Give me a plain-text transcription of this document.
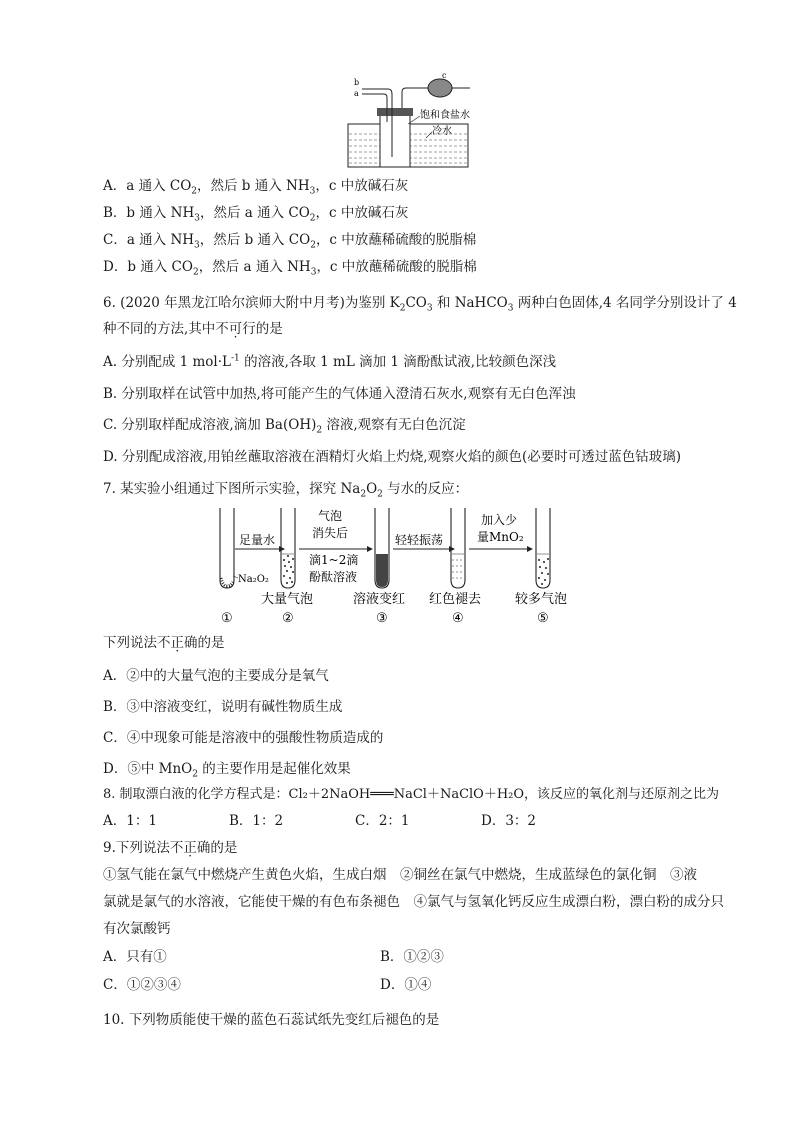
b
a
c
饱和食盐水
冷水
A．a 通入 $CO_2$，然后 b 通入 $NH_3$，c 中放碱石灰
B．b 通入 $NH_3$，然后 a 通入 $CO_2$，c 中放碱石灰
C．a 通入 $NH_3$，然后 b 通入 $CO_2$，c 中放蘸稀硫酸的脱脂棉
D．b 通入 $CO_2$，然后 a 通入 $NH_3$，c 中放蘸稀硫酸的脱脂棉
6. (2020 年黑龙江哈尔滨师大附中月考)为鉴别 $K_2CO_3$ 和 NaHCO$_3$ 两种白色固体,4 名同学分别设计了 4
种不同的方法,其中不可行的是
A. 分别配成 1 $mol\cdot L^{-1}$ 的溶液,各取 1 mL 滴加 1 滴酚酞试液,比较颜色深浅
B. 分别取样在试管中加热,将可能产生的气体通入澄清石灰水,观察有无白色浑浊
C. 分别取样配成溶液,滴加 $Ba(OH)_2$ 溶液,观察有无白色沉淀
D. 分别配成溶液,用铂丝蘸取溶液在酒精灯火焰上灼烧,观察火焰的颜色(必要时可透过蓝色钴玻璃)
7. 某实验小组通过下图所示实验，探究 $Na_2O_2$ 与水的反应：
Na₂O₂
足量水
气泡
消失后
滴1~2滴
酚酞溶液
轻轻振荡
加入少
量MnO₂
大量气泡	溶液变红 红色褪去	较多气泡
①	②	③	④	⑤
下列说法不正确的是
A．②中的大量气泡的主要成分是氧气
B．③中溶液变红，说明有碱性物质生成
C．④中现象可能是溶液中的强酸性物质造成的
D．⑤中 MnO$_2$ 的主要作用是起催化效果
8. 制取漂白液的化学方程式是：Cl₂＋2NaOH═══NaCl＋NaClO＋H₂O，该反应的氧化剂与还原剂之比为
A．1：1	B．1：2	C．2：1	D．3：2
9.下列说法不正确的是
①氢气能在氯气中燃烧产生黄色火焰，生成白烟　②铜丝在氯气中燃烧，生成蓝绿色的氯化铜　③液
氯就是氯气的水溶液，它能使干燥的有色布条褪色　④氯气与氢氧化钙反应生成漂白粉，漂白粉的成分只
有次氯酸钙
A．只有①	B．①②③
C．①②③④	D．①④
10. 下列物质能使干燥的蓝色石蕊试纸先变红后褪色的是
